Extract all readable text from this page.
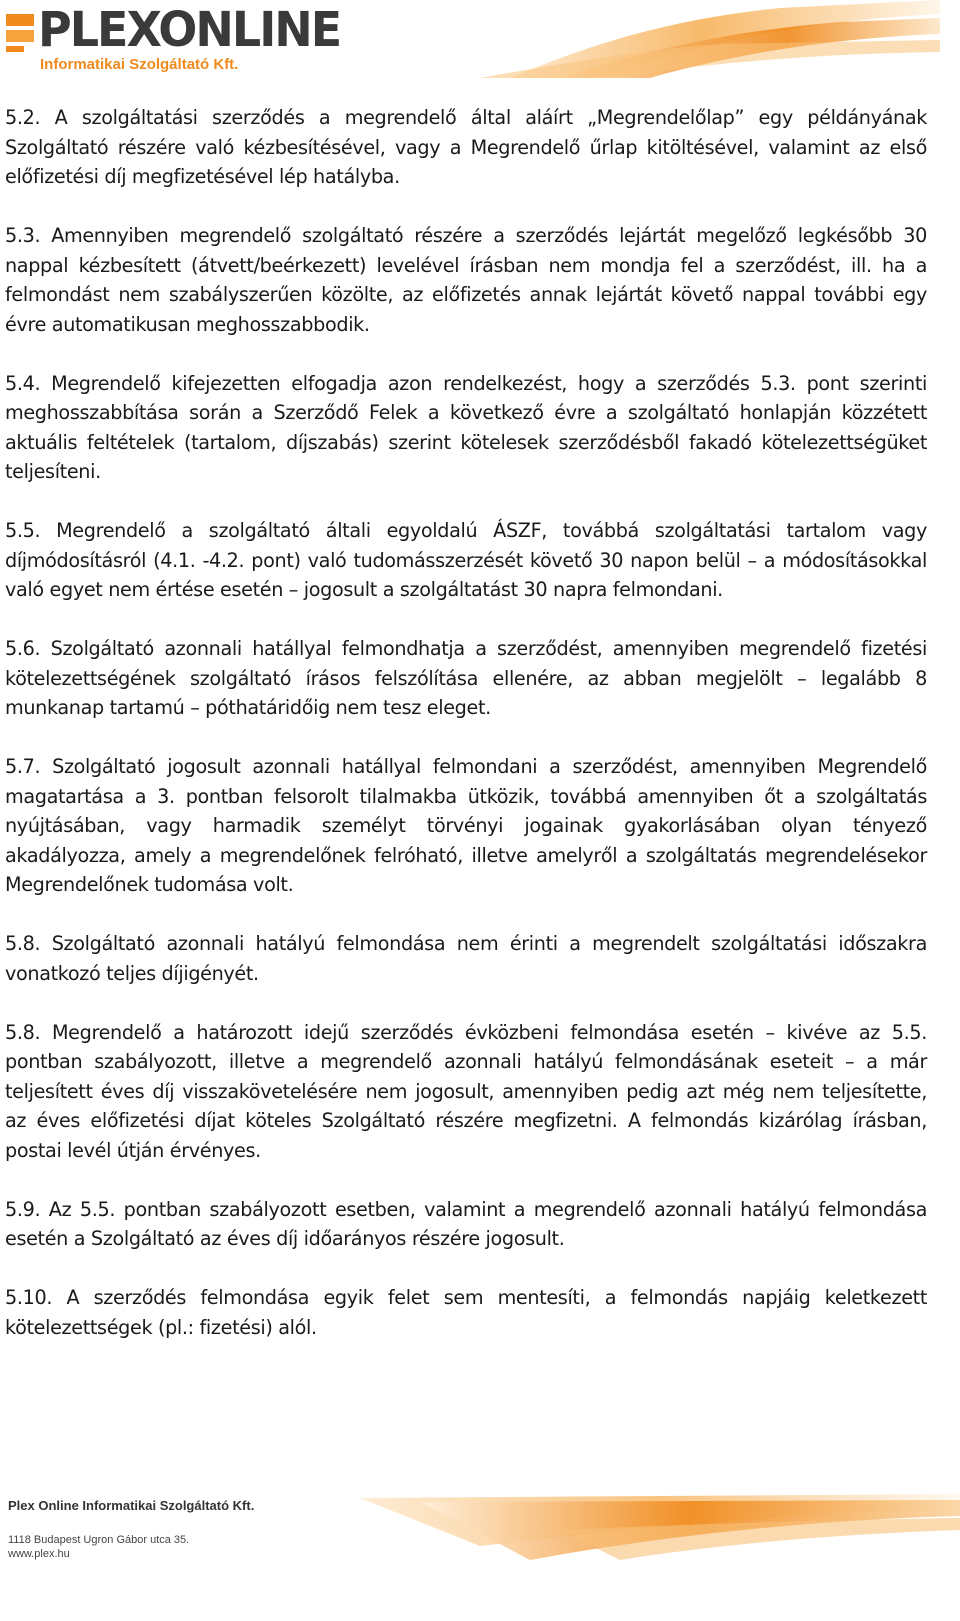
PLEXONLINE
Informatikai Szolgáltató Kft.

5.2. A szolgáltatási szerződés a megrendelő által aláírt „Megrendelőlap” egy példányának Szolgáltató részére való kézbesítésével, vagy a Megrendelő űrlap kitöltésével, valamint az első előfizetési díj megfizetésével lép hatályba.

5.3. Amennyiben megrendelő szolgáltató részére a szerződés lejártát megelőző legkésőbb 30 nappal kézbesített (átvett/beérkezett) levelével írásban nem mondja fel a szerződést, ill. ha a felmondást nem szabályszerűen közölte, az előfizetés annak lejártát követő nappal további egy évre automatikusan meghosszabbodik.

5.4. Megrendelő kifejezetten elfogadja azon rendelkezést, hogy a szerződés 5.3. pont szerinti meghosszabbítása során a Szerződő Felek a következő évre a szolgáltató honlapján közzétett aktuális feltételek (tartalom, díjszabás) szerint kötelesek szerződésből fakadó kötelezettségüket teljesíteni.

5.5. Megrendelő a szolgáltató általi egyoldalú ÁSZF, továbbá szolgáltatási tartalom vagy díjmódosításról (4.1. -4.2. pont) való tudomásszerzését követő 30 napon belül – a módosításokkal való egyet nem értése esetén – jogosult a szolgáltatást 30 napra felmondani.

5.6. Szolgáltató azonnali hatállyal felmondhatja a szerződést, amennyiben megrendelő fizetési kötelezettségének szolgáltató írásos felszólítása ellenére, az abban megjelölt – legalább 8 munkanap tartamú – póthatáridőig nem tesz eleget.

5.7. Szolgáltató jogosult azonnali hatállyal felmondani a szerződést, amennyiben Megrendelő magatartása a 3. pontban felsorolt tilalmakba ütközik, továbbá amennyiben őt a szolgáltatás nyújtásában, vagy harmadik személyt törvényi jogainak gyakorlásában olyan tényező akadályozza, amely a megrendelőnek felróható, illetve amelyről a szolgáltatás megrendelésekor Megrendelőnek tudomása volt.

5.8. Szolgáltató azonnali hatályú felmondása nem érinti a megrendelt szolgáltatási időszakra vonatkozó teljes díjigényét.

5.8. Megrendelő a határozott idejű szerződés évközbeni felmondása esetén – kivéve az 5.5. pontban szabályozott, illetve a megrendelő azonnali hatályú felmondásának eseteit – a már teljesített éves díj visszakövetelésére nem jogosult, amennyiben pedig azt még nem teljesítette, az éves előfizetési díjat köteles Szolgáltató részére megfizetni. A felmondás kizárólag írásban, postai levél útján érvényes.

5.9. Az 5.5. pontban szabályozott esetben, valamint a megrendelő azonnali hatályú felmondása esetén a Szolgáltató az éves díj időarányos részére jogosult.

5.10. A szerződés felmondása egyik felet sem mentesíti, a felmondás napjáig keletkezett kötelezettségek (pl.: fizetési) alól.

Plex Online Informatikai Szolgáltató Kft.
1118 Budapest Ugron Gábor utca 35.
www.plex.hu
